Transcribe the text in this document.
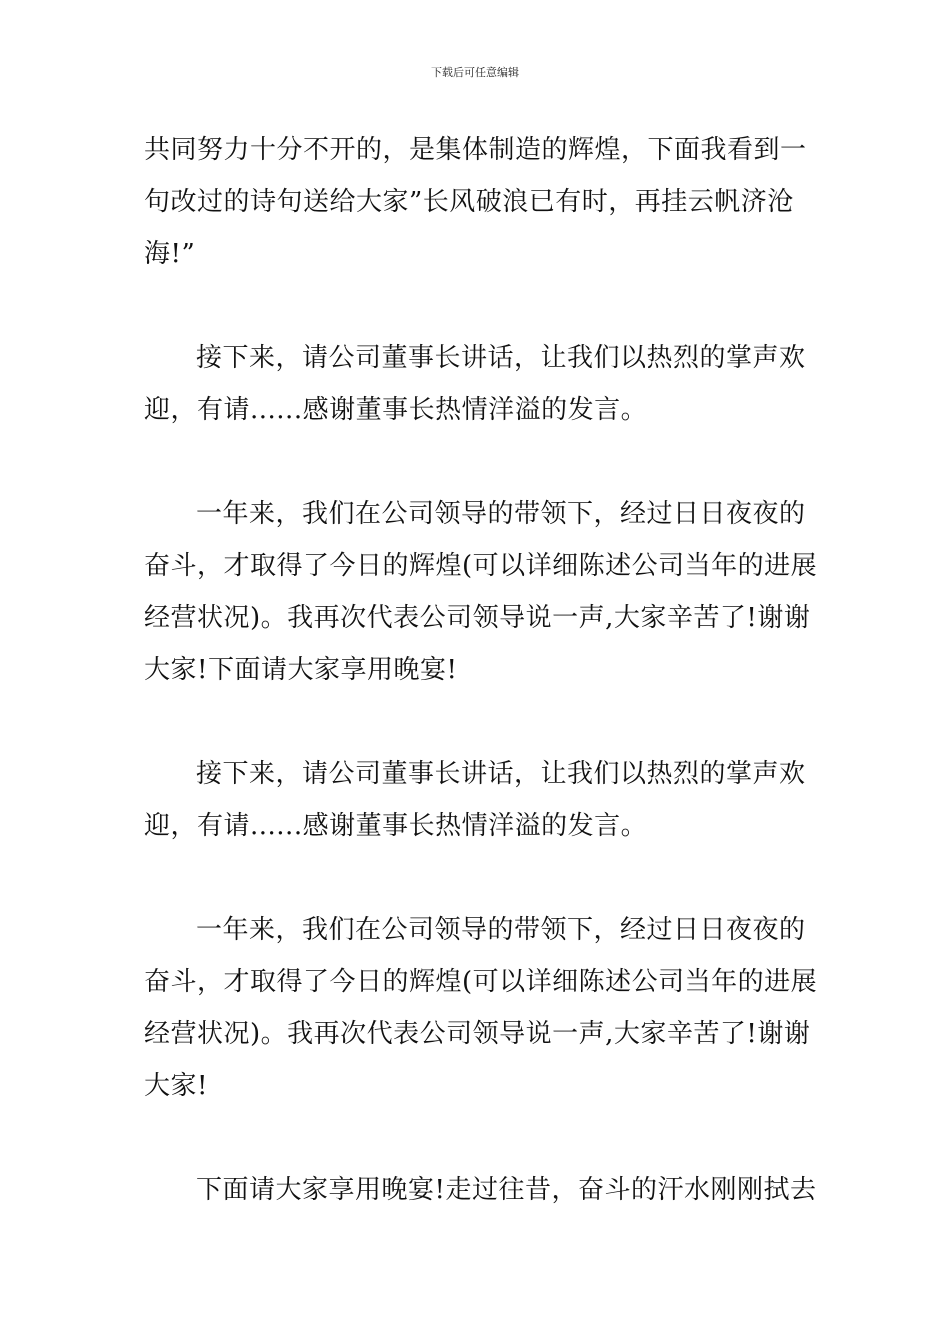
下载后可任意编辑
共同努力十分不开的，是集体制造的辉煌，下面我看到一
句改过的诗句送给大家”长风破浪已有时，再挂云帆济沧
海!”
接下来，请公司董事长讲话，让我们以热烈的掌声欢
迎，有请......感谢董事长热情洋溢的发言。
一年来，我们在公司领导的带领下，经过日日夜夜的
奋斗，才取得了今日的辉煌(可以详细陈述公司当年的进展
经营状况)。我再次代表公司领导说一声,大家辛苦了!谢谢
大家!下面请大家享用晚宴!
接下来，请公司董事长讲话，让我们以热烈的掌声欢
迎，有请......感谢董事长热情洋溢的发言。
一年来，我们在公司领导的带领下，经过日日夜夜的
奋斗，才取得了今日的辉煌(可以详细陈述公司当年的进展
经营状况)。我再次代表公司领导说一声,大家辛苦了!谢谢
大家!
下面请大家享用晚宴!走过往昔，奋斗的汗水刚刚拭去
